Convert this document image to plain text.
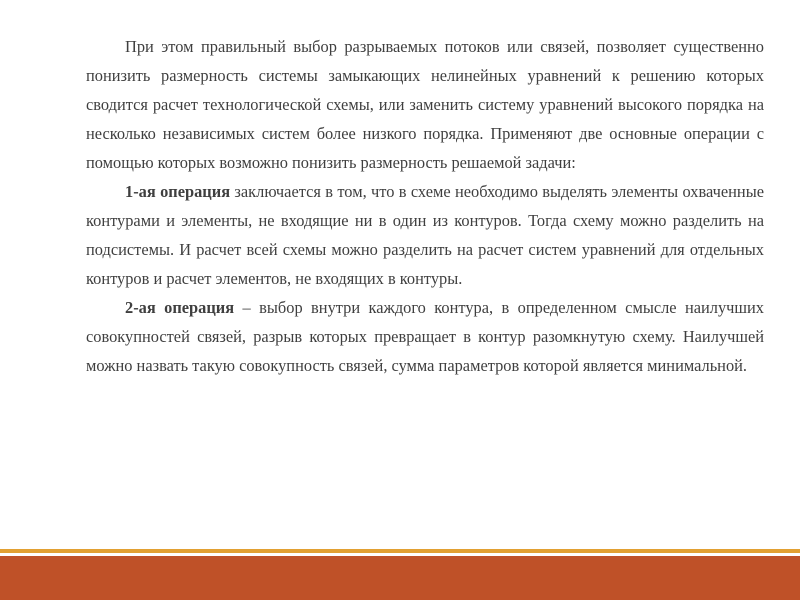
При этом правильный выбор разрываемых потоков или связей, позволяет существенно понизить размерность системы замыкающих нелинейных уравнений к решению которых сводится расчет технологической схемы, или заменить систему уравнений высокого порядка на несколько независимых систем более низкого порядка. Применяют две основные операции с помощью которых возможно понизить размерность решаемой задачи:

1-ая операция заключается в том, что в схеме необходимо выделять элементы охваченные контурами и элементы, не входящие ни в один из контуров. Тогда схему можно разделить на подсистемы. И расчет всей схемы можно разделить на расчет систем уравнений для отдельных контуров и расчет элементов, не входящих в контуры.

2-ая операция – выбор внутри каждого контура, в определенном смысле наилучших совокупностей связей, разрыв которых превращает в контур разомкнутую схему. Наилучшей можно назвать такую совокупность связей, сумма параметров которой является минимальной.
